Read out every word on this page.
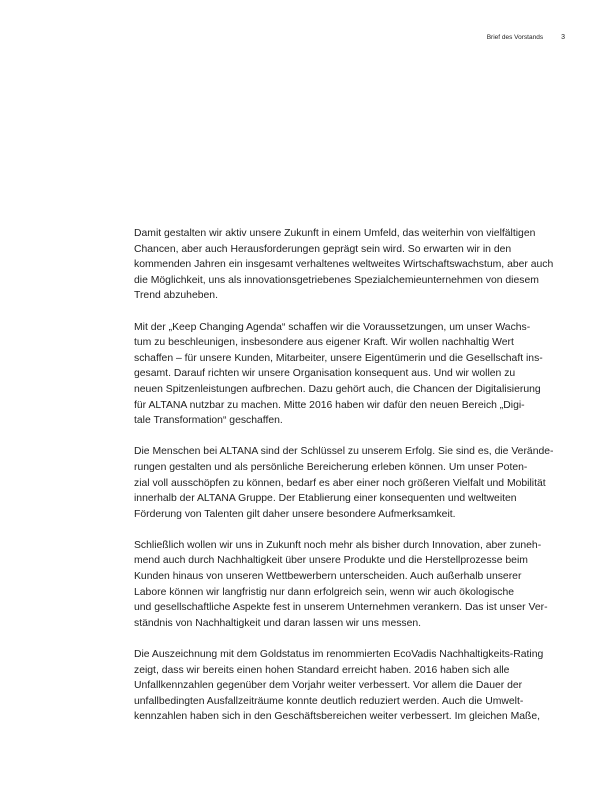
Brief des Vorstands	3

Damit gestalten wir aktiv unsere Zukunft in einem Umfeld, das weiterhin von vielfältigen
Chancen, aber auch Herausforderungen geprägt sein wird. So erwarten wir in den
kommenden Jahren ein insgesamt verhaltenes weltweites Wirtschaftswachstum, aber auch
die Möglichkeit, uns als innovationsgetriebenes Spezialchemieunternehmen von diesem
Trend abzuheben.

Mit der „Keep Changing Agenda“ schaffen wir die Voraussetzungen, um unser Wachs-
tum zu beschleunigen, insbesondere aus eigener Kraft. Wir wollen nachhaltig Wert
schaffen – für unsere Kunden, Mitarbeiter, unsere Eigentümerin und die Gesellschaft ins-
gesamt. Darauf richten wir unsere Organisation konsequent aus. Und wir wollen zu
neuen Spitzenleistungen aufbrechen. Dazu gehört auch, die Chancen der Digitalisierung
für ALTANA nutzbar zu machen. Mitte 2016 haben wir dafür den neuen Bereich „Digi-
tale Transformation“ geschaffen.

Die Menschen bei ALTANA sind der Schlüssel zu unserem Erfolg. Sie sind es, die Verände-
rungen gestalten und als persönliche Bereicherung erleben können. Um unser Poten-
zial voll ausschöpfen zu können, bedarf es aber einer noch größeren Vielfalt und Mobilität
innerhalb der ALTANA Gruppe. Der Etablierung einer konsequenten und weltweiten
Förderung von Talenten gilt daher unsere besondere Aufmerksamkeit.

Schließlich wollen wir uns in Zukunft noch mehr als bisher durch Innovation, aber zuneh-
mend auch durch Nachhaltigkeit über unsere Produkte und die Herstellprozesse beim
Kunden hinaus von unseren Wettbewerbern unterscheiden. Auch außerhalb unserer
Labore können wir langfristig nur dann erfolgreich sein, wenn wir auch ökologische
und gesellschaftliche Aspekte fest in unserem Unternehmen verankern. Das ist unser Ver-
ständnis von Nachhaltigkeit und daran lassen wir uns messen.

Die Auszeichnung mit dem Goldstatus im renommierten EcoVadis Nachhaltigkeits-Rating
zeigt, dass wir bereits einen hohen Standard erreicht haben. 2016 haben sich alle
Unfallkennzahlen gegenüber dem Vorjahr weiter verbessert. Vor allem die Dauer der
unfallbedingten Ausfallzeiträume konnte deutlich reduziert werden. Auch die Umwelt-
kennzahlen haben sich in den Geschäftsbereichen weiter verbessert. Im gleichen Maße,
